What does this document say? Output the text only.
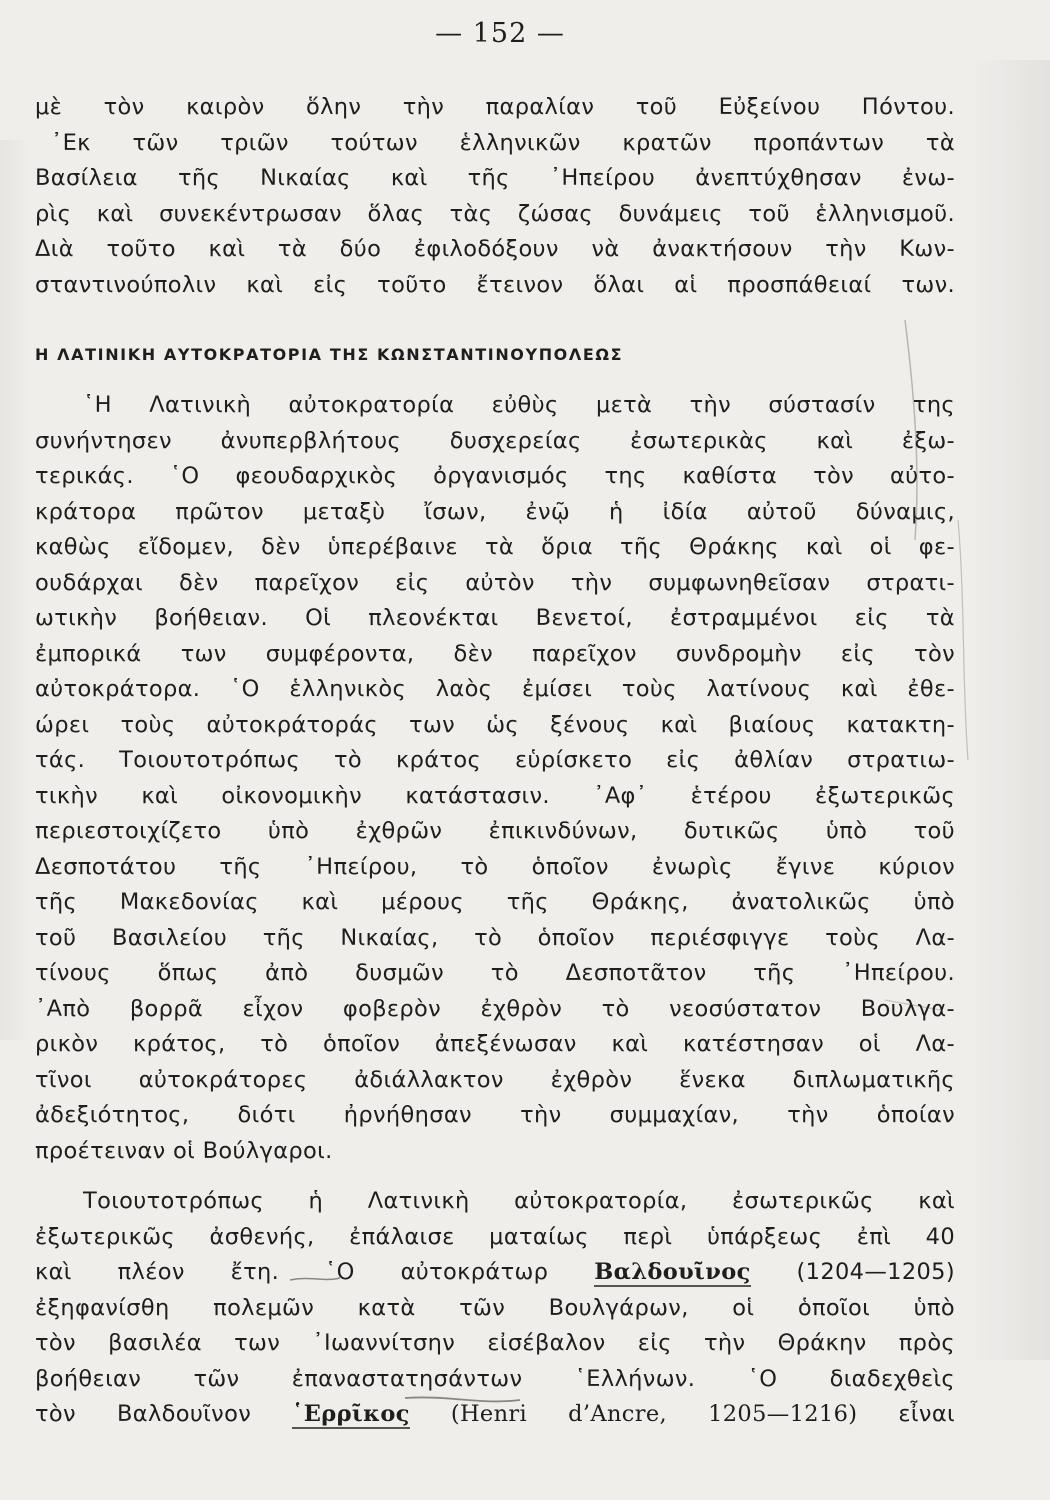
— 152 —
μὲ τὸν καιρὸν ὅλην τὴν παραλίαν τοῦ Εὐξείνου Πόντου.
᾿Εκ τῶν τριῶν τούτων ἑλληνικῶν κρατῶν προπάντων τὰ
Βασίλεια τῆς Νικαίας καὶ τῆς ᾿Ηπείρου ἀνεπτύχθησαν ἐνω-
ρὶς καὶ συνεκέντρωσαν ὅλας τὰς ζώσας δυνάμεις τοῦ ἑλληνισμοῦ.
Διὰ τοῦτο καὶ τὰ δύο ἐφιλοδόξουν νὰ ἀνακτήσουν τὴν Κων-
σταντινούπολιν καὶ εἰς τοῦτο ἔτεινον ὅλαι αἱ προσπάθειαί των.
Η ΛΑΤΙΝΙΚΗ ΑΥΤΟΚΡΑΤΟΡΙΑ ΤΗΣ ΚΩΝΣΤΑΝΤΙΝΟΥΠΟΛΕΩΣ
῾Η Λατινικὴ αὐτοκρατορία εὐθὺς μετὰ τὴν σύστασίν της
συνήντησεν ἀνυπερβλήτους δυσχερείας ἐσωτερικὰς καὶ ἐξω-
τερικάς. ῾Ο φεουδαρχικὸς ὀργανισμός της καθίστα τὸν αὐτο-
κράτορα πρῶτον μεταξὺ ἴσων, ἐνῷ ἡ ἰδία αὐτοῦ δύναμις,
καθὼς εἴδομεν, δὲν ὑπερέβαινε τὰ ὅρια τῆς Θράκης καὶ οἱ φε-
ουδάρχαι δὲν παρεῖχον εἰς αὐτὸν τὴν συμφωνηθεῖσαν στρατι-
ωτικὴν βοήθειαν. Οἱ πλεονέκται Βενετοί, ἐστραμμένοι εἰς τὰ
ἐμπορικά των συμφέροντα, δὲν παρεῖχον συνδρομὴν εἰς τὸν
αὐτοκράτορα. ῾Ο ἑλληνικὸς λαὸς ἐμίσει τοὺς λατίνους καὶ ἐθε-
ώρει τοὺς αὐτοκράτοράς των ὡς ξένους καὶ βιαίους κατακτη-
τάς. Τοιουτοτρόπως τὸ κράτος εὑρίσκετο εἰς ἀθλίαν στρατιω-
τικὴν καὶ οἰκονομικὴν κατάστασιν. ᾿Αφ᾿ ἑτέρου ἐξωτερικῶς
περιεστοιχίζετο ὑπὸ ἐχθρῶν ἐπικινδύνων, δυτικῶς ὑπὸ τοῦ
Δεσποτάτου τῆς ᾿Ηπείρου, τὸ ὁποῖον ἐνωρὶς ἔγινε κύριον
τῆς Μακεδονίας καὶ μέρους τῆς Θράκης, ἀνατολικῶς ὑπὸ
τοῦ Βασιλείου τῆς Νικαίας, τὸ ὁποῖον περιέσφιγγε τοὺς Λα-
τίνους ὅπως ἀπὸ δυσμῶν τὸ Δεσποτᾶτον τῆς ᾿Ηπείρου.
᾿Απὸ βορρᾶ εἶχον φοβερὸν ἐχθρὸν τὸ νεοσύστατον Βουλγα-
ρικὸν κράτος, τὸ ὁποῖον ἀπεξένωσαν καὶ κατέστησαν οἱ Λα-
τῖνοι αὐτοκράτορες ἀδιάλλακτον ἐχθρὸν ἕνεκα διπλωματικῆς
ἀδεξιότητος, διότι ἠρνήθησαν τὴν συμμαχίαν, τὴν ὁποίαν
προέτειναν οἱ Βούλγαροι.
Τοιουτοτρόπως ἡ Λατινικὴ αὐτοκρατορία, ἐσωτερικῶς καὶ
ἐξωτερικῶς ἀσθενής, ἐπάλαισε ματαίως περὶ ὑπάρξεως ἐπὶ 40
καὶ πλέον ἔτη. ῾Ο αὐτοκράτωρ Βαλδουῖνος (1204—1205)
ἐξηφανίσθη πολεμῶν κατὰ τῶν Βουλγάρων, οἱ ὁποῖοι ὑπὸ
τὸν βασιλέα των ᾿Ιωαννίτσην εἰσέβαλον εἰς τὴν Θράκην πρὸς
βοήθειαν τῶν ἐπαναστατησάντων ῾Ελλήνων. ῾Ο διαδεχθεὶς
τὸν Βαλδουῖνον ῾Ερρῖκος (Henri d’Ancre, 1205—1216) εἶναι
